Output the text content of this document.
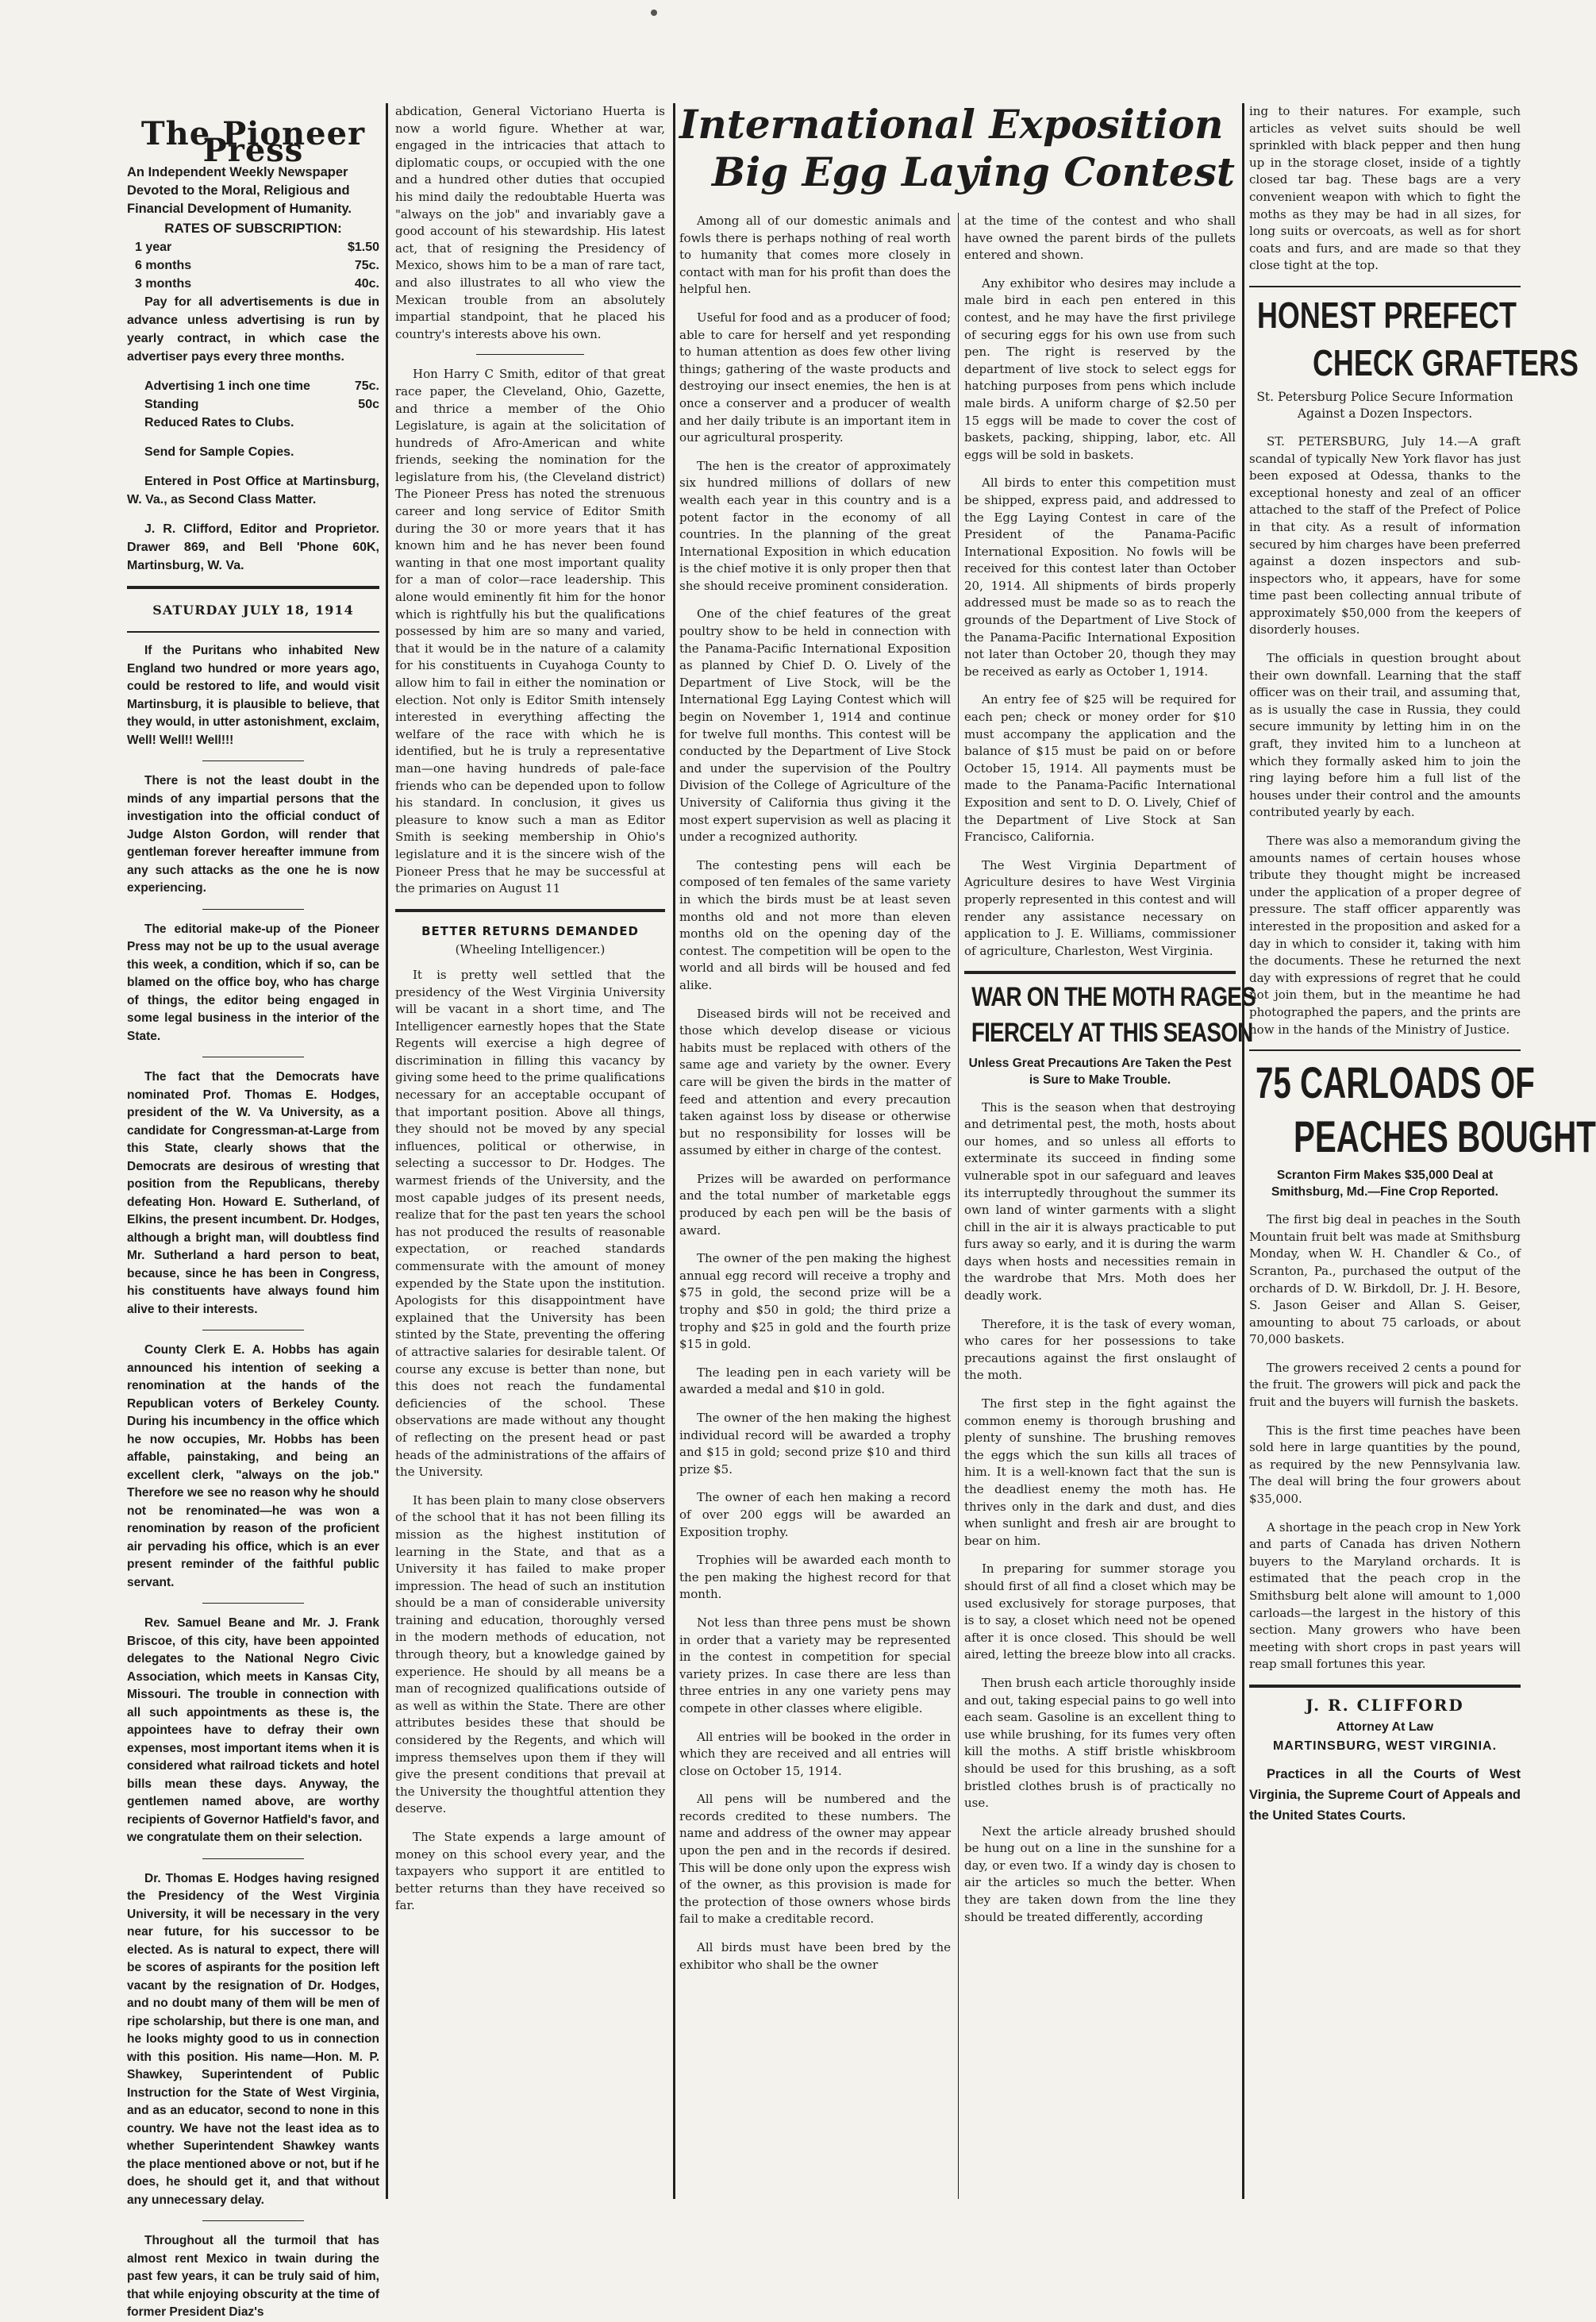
The Pioneer Press
An Independent Weekly Newspaper Devoted to the Moral, Religious and Financial Development of Humanity.
RATES OF SUBSCRIPTION:
1 year	$1.50
6 months	75c.
3 months	40c.

Pay for all advertisements is due in advance unless advertising is run by yearly contract, in which case the advertiser pays every three months.

Advertising 1 inch one time	75c.
Standing	50c

Reduced Rates to Clubs.

Send for Sample Copies.

Entered in Post Office at Martinsburg, W. Va., as Second Class Matter.

J. R. Clifford, Editor and Proprietor. Drawer 869, and Bell 'Phone 60K, Martinsburg, W. Va.

SATURDAY JULY 18, 1914

If the Puritans who inhabited New England two hundred or more years ago, could be restored to life, and would visit Martinsburg, it is plausible to believe, that they would, in utter astonishment, exclaim, Well! Well!! Well!!!

There is not the least doubt in the minds of any impartial persons that the investigation into the official conduct of Judge Alston Gordon, will render that gentleman forever hereafter immune from any such attacks as the one he is now experiencing.

The editorial make-up of the Pioneer Press may not be up to the usual average this week, a condition, which if so, can be blamed on the office boy, who has charge of things, the editor being engaged in some legal business in the interior of the State.

The fact that the Democrats have nominated Prof. Thomas E. Hodges, president of the W. Va University, as a candidate for Congressman-at-Large from this State, clearly shows that the Democrats are desirous of wresting that position from the Republicans, thereby defeating Hon. Howard E. Sutherland, of Elkins, the present incumbent. Dr. Hodges, although a bright man, will doubtless find Mr. Sutherland a hard person to beat, because, since he has been in Congress, his constituents have always found him alive to their interests.

County Clerk E. A. Hobbs has again announced his intention of seeking a renomination at the hands of the Republican voters of Berkeley County. During his incumbency in the office which he now occupies, Mr. Hobbs has been affable, painstaking, and being an excellent clerk, "always on the job." Therefore we see no reason why he should not be renominated—he was won a renomination by reason of the proficient air pervading his office, which is an ever present reminder of the faithful public servant.

Rev. Samuel Beane and Mr. J. Frank Briscoe, of this city, have been appointed delegates to the National Negro Civic Association, which meets in Kansas City, Missouri. The trouble in connection with all such appointments as these is, the appointees have to defray their own expenses, most important items when it is considered what railroad tickets and hotel bills mean these days. Anyway, the gentlemen named above, are worthy recipients of Governor Hatfield's favor, and we congratulate them on their selection.

Dr. Thomas E. Hodges having resigned the Presidency of the West Virginia University, it will be necessary in the very near future, for his successor to be elected. As is natural to expect, there will be scores of aspirants for the position left vacant by the resignation of Dr. Hodges, and no doubt many of them will be men of ripe scholarship, but there is one man, and he looks mighty good to us in connection with this position. His name—Hon. M. P. Shawkey, Superintendent of Public Instruction for the State of West Virginia, and as an educator, second to none in this country. We have not the least idea as to whether Superintendent Shawkey wants the place mentioned above or not, but if he does, he should get it, and that without any unnecessary delay.

Throughout all the turmoil that has almost rent Mexico in twain during the past few years, it can be truly said of him, that while enjoying obscurity at the time of former President Diaz's

abdication, General Victoriano Huerta is now a world figure. Whether at war, engaged in the intricacies that attach to diplomatic coups, or occupied with the one and a hundred other duties that occupied his mind daily the redoubtable Huerta was "always on the job" and invariably gave a good account of his stewardship. His latest act, that of resigning the Presidency of Mexico, shows him to be a man of rare tact, and also illustrates to all who view the Mexican trouble from an absolutely impartial standpoint, that he placed his country's interests above his own.

Hon Harry C Smith, editor of that great race paper, the Cleveland, Ohio, Gazette, and thrice a member of the Ohio Legislature, is again at the solicitation of hundreds of Afro-American and white friends, seeking the nomination for the legislature from his, (the Cleveland district) The Pioneer Press has noted the strenuous career and long service of Editor Smith during the 30 or more years that it has known him and he has never been found wanting in that one most important quality for a man of color—race leadership. This alone would eminently fit him for the honor which is rightfully his but the qualifications possessed by him are so many and varied, that it would be in the nature of a calamity for his constituents in Cuyahoga County to allow him to fail in either the nomination or election. Not only is Editor Smith intensely interested in everything affecting the welfare of the race with which he is identified, but he is truly a representative man—one having hundreds of pale-face friends who can be depended upon to follow his standard. In conclusion, it gives us pleasure to know such a man as Editor Smith is seeking membership in Ohio's legislature and it is the sincere wish of the Pioneer Press that he may be successful at the primaries on August 11

BETTER RETURNS DEMANDED
(Wheeling Intelligencer.)

It is pretty well settled that the presidency of the West Virginia University will be vacant in a short time, and The Intelligencer earnestly hopes that the State Regents will exercise a high degree of discrimination in filling this vacancy by giving some heed to the prime qualifications necessary for an acceptable occupant of that important position. Above all things, they should not be moved by any special influences, political or otherwise, in selecting a successor to Dr. Hodges. The warmest friends of the University, and the most capable judges of its present needs, realize that for the past ten years the school has not produced the results of reasonable expectation, or reached standards commensurate with the amount of money expended by the State upon the institution. Apologists for this disappointment have explained that the University has been stinted by the State, preventing the offering of attractive salaries for desirable talent. Of course any excuse is better than none, but this does not reach the fundamental deficiencies of the school. These observations are made without any thought of reflecting on the present head or past heads of the administrations of the affairs of the University.

It has been plain to many close observers of the school that it has not been filling its mission as the highest institution of learning in the State, and that as a University it has failed to make proper impression. The head of such an institution should be a man of considerable university training and education, thoroughly versed in the modern methods of education, not through theory, but a knowledge gained by experience. He should by all means be a man of recognized qualifications outside of as well as within the State. There are other attributes besides these that should be considered by the Regents, and which will impress themselves upon them if they will give the present conditions that prevail at the University the thoughtful attention they deserve.

The State expends a large amount of money on this school every year, and the taxpayers who support it are entitled to better returns than they have received so far.

International Exposition
Big Egg Laying Contest

Among all of our domestic animals and fowls there is perhaps nothing of real worth to humanity that comes more closely in contact with man for his profit than does the helpful hen.

Useful for food and as a producer of food; able to care for herself and yet responding to human attention as does few other living things; gathering of the waste products and destroying our insect enemies, the hen is at once a conserver and a producer of wealth and her daily tribute is an important item in our agricultural prosperity.

The hen is the creator of approximately six hundred millions of dollars of new wealth each year in this country and is a potent factor in the economy of all countries. In the planning of the great International Exposition in which education is the chief motive it is only proper then that she should receive prominent consideration.

One of the chief features of the great poultry show to be held in connection with the Panama-Pacific International Exposition as planned by Chief D. O. Lively of the Department of Live Stock, will be the International Egg Laying Contest which will begin on November 1, 1914 and continue for twelve full months. This contest will be conducted by the Department of Live Stock and under the supervision of the Poultry Division of the College of Agriculture of the University of California thus giving it the most expert supervision as well as placing it under a recognized authority.

The contesting pens will each be composed of ten females of the same variety in which the birds must be at least seven months old and not more than eleven months old on the opening day of the contest. The competition will be open to the world and all birds will be housed and fed alike.

Diseased birds will not be received and those which develop disease or vicious habits must be replaced with others of the same age and variety by the owner. Every care will be given the birds in the matter of feed and attention and every precaution taken against loss by disease or otherwise but no responsibility for losses will be assumed by either in charge of the contest.

Prizes will be awarded on performance and the total number of marketable eggs produced by each pen will be the basis of award.

The owner of the pen making the highest annual egg record will receive a trophy and $75 in gold, the second prize will be a trophy and $50 in gold; the third prize a trophy and $25 in gold and the fourth prize $15 in gold.

The leading pen in each variety will be awarded a medal and $10 in gold.

The owner of the hen making the highest individual record will be awarded a trophy and $15 in gold; second prize $10 and third prize $5.

The owner of each hen making a record of over 200 eggs will be awarded an Exposition trophy.

Trophies will be awarded each month to the pen making the highest record for that month.

Not less than three pens must be shown in order that a variety may be represented in the contest in competition for special variety prizes. In case there are less than three entries in any one variety pens may compete in other classes where eligible.

All entries will be booked in the order in which they are received and all entries will close on October 15, 1914.

All pens will be numbered and the records credited to these numbers. The name and address of the owner may appear upon the pen and in the records if desired. This will be done only upon the express wish of the owner, as this provision is made for the protection of those owners whose birds fail to make a creditable record.

All birds must have been bred by the exhibitor who shall be the owner

at the time of the contest and who shall have owned the parent birds of the pullets entered and shown.

Any exhibitor who desires may include a male bird in each pen entered in this contest, and he may have the first privilege of securing eggs for his own use from such pen. The right is reserved by the department of live stock to select eggs for hatching purposes from pens which include male birds. A uniform charge of $2.50 per 15 eggs will be made to cover the cost of baskets, packing, shipping, labor, etc. All eggs will be sold in baskets.

All birds to enter this competition must be shipped, express paid, and addressed to the Egg Laying Contest in care of the President of the Panama-Pacific International Exposition. No fowls will be received for this contest later than October 20, 1914. All shipments of birds properly addressed must be made so as to reach the grounds of the Department of Live Stock of the Panama-Pacific International Exposition not later than October 20, though they may be received as early as October 1, 1914.

An entry fee of $25 will be required for each pen; check or money order for $10 must accompany the application and the balance of $15 must be paid on or before October 15, 1914. All payments must be made to the Panama-Pacific International Exposition and sent to D. O. Lively, Chief of the Department of Live Stock at San Francisco, California.

The West Virginia Department of Agriculture desires to have West Virginia properly represented in this contest and will render any assistance necessary on application to J. E. Williams, commissioner of agriculture, Charleston, West Virginia.

WAR ON THE MOTH RAGES FIERCELY AT THIS SEASON
Unless Great Precautions Are Taken the Pest is Sure to Make Trouble.

This is the season when that destroying and detrimental pest, the moth, hosts about our homes, and so unless all efforts to exterminate its succeed in finding some vulnerable spot in our safeguard and leaves its interruptedly throughout the summer its own land of winter garments with a slight chill in the air it is always practicable to put furs away so early, and it is during the warm days when hosts and necessities remain in the wardrobe that Mrs. Moth does her deadly work.

Therefore, it is the task of every woman, who cares for her possessions to take precautions against the first onslaught of the moth.

The first step in the fight against the common enemy is thorough brushing and plenty of sunshine. The brushing removes the eggs which the sun kills all traces of him. It is a well-known fact that the sun is the deadliest enemy the moth has. He thrives only in the dark and dust, and dies when sunlight and fresh air are brought to bear on him.

In preparing for summer storage you should first of all find a closet which may be used exclusively for storage purposes, that is to say, a closet which need not be opened after it is once closed. This should be well aired, letting the breeze blow into all cracks.

Then brush each article thoroughly inside and out, taking especial pains to go well into each seam. Gasoline is an excellent thing to use while brushing, for its fumes very often kill the moths. A stiff bristle whiskbroom should be used for this brushing, as a soft bristled clothes brush is of practically no use.

Next the article already brushed should be hung out on a line in the sunshine for a day, or even two. If a windy day is chosen to air the articles so much the better. When they are taken down from the line they should be treated differently, according

ing to their natures. For example, such articles as velvet suits should be well sprinkled with black pepper and then hung up in the storage closet, inside of a tightly closed tar bag. These bags are a very convenient weapon with which to fight the moths as they may be had in all sizes, for long suits or overcoats, as well as for short coats and furs, and are made so that they close tight at the top.

HONEST PREFECT
CHECK GRAFTERS
St. Petersburg Police Secure Information Against a Dozen Inspectors.

ST. PETERSBURG, July 14.—A graft scandal of typically New York flavor has just been exposed at Odessa, thanks to the exceptional honesty and zeal of an officer attached to the staff of the Prefect of Police in that city. As a result of information secured by him charges have been preferred against a dozen inspectors and sub-inspectors who, it appears, have for some time past been collecting annual tribute of approximately $50,000 from the keepers of disorderly houses.

The officials in question brought about their own downfall. Learning that the staff officer was on their trail, and assuming that, as is usually the case in Russia, they could secure immunity by letting him in on the graft, they invited him to a luncheon at which they formally asked him to join the ring laying before him a full list of the houses under their control and the amounts contributed yearly by each.

There was also a memorandum giving the amounts names of certain houses whose tribute they thought might be increased under the application of a proper degree of pressure. The staff officer apparently was interested in the proposition and asked for a day in which to consider it, taking with him the documents. These he returned the next day with expressions of regret that he could not join them, but in the meantime he had photographed the papers, and the prints are now in the hands of the Ministry of Justice.

75 CARLOADS OF
PEACHES BOUGHT
Scranton Firm Makes $35,000 Deal at Smithsburg, Md.—Fine Crop Reported.

The first big deal in peaches in the South Mountain fruit belt was made at Smithsburg Monday, when W. H. Chandler & Co., of Scranton, Pa., purchased the output of the orchards of D. W. Birkdoll, Dr. J. H. Besore, S. Jason Geiser and Allan S. Geiser, amounting to about 75 carloads, or about 70,000 baskets.

The growers received 2 cents a pound for the fruit. The growers will pick and pack the fruit and the buyers will furnish the baskets.

This is the first time peaches have been sold here in large quantities by the pound, as required by the new Pennsylvania law. The deal will bring the four growers about $35,000.

A shortage in the peach crop in New York and parts of Canada has driven Nothern buyers to the Maryland orchards. It is estimated that the peach crop in the Smithsburg belt alone will amount to 1,000 carloads—the largest in the history of this section. Many growers who have been meeting with short crops in past years will reap small fortunes this year.

J. R. CLIFFORD
Attorney At Law
MARTINSBURG, WEST VIRGINIA.

Practices in all the Courts of West Virginia, the Supreme Court of Appeals and the United States Courts.
